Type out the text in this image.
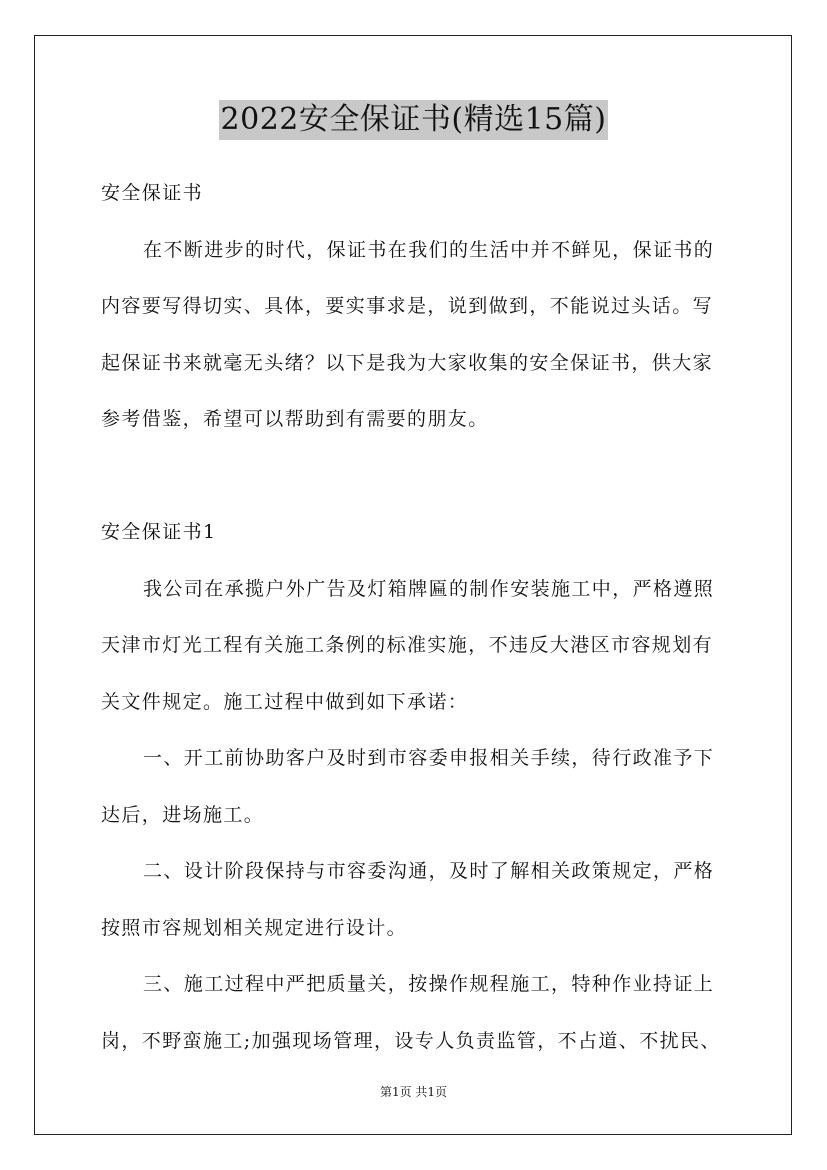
2022安全保证书(精选15篇)
安全保证书
在不断进步的时代，保证书在我们的生活中并不鲜见，保证书的
内容要写得切实、具体，要实事求是，说到做到，不能说过头话。写
起保证书来就毫无头绪？以下是我为大家收集的安全保证书，供大家
参考借鉴，希望可以帮助到有需要的朋友。
安全保证书1
我公司在承揽户外广告及灯箱牌匾的制作安装施工中，严格遵照
天津市灯光工程有关施工条例的标准实施，不违反大港区市容规划有
关文件规定。施工过程中做到如下承诺：
一、开工前协助客户及时到市容委申报相关手续，待行政准予下
达后，进场施工。
二、设计阶段保持与市容委沟通，及时了解相关政策规定，严格
按照市容规划相关规定进行设计。
三、施工过程中严把质量关，按操作规程施工，特种作业持证上
岗，不野蛮施工;加强现场管理，设专人负责监管，不占道、不扰民、
第1页 共1页
